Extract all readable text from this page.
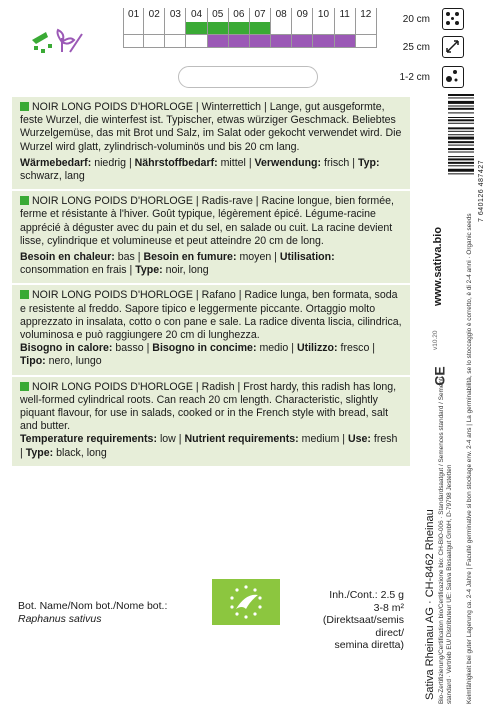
01 02	03	04	05	06	07	08	09	10	11	12	20 cm
25 cm
1-2 cm

NOIR LONG POIDS D'HORLOGE | Winterrettich | Lange, gut ausgeformte, feste Wurzel, die winterfest ist. Typischer, etwas würziger Geschmack. Beliebtes Wurzelgemüse, das mit Brot und Salz, im Salat oder gekocht verwendet wird. Die Wurzel wird glatt, zylindrisch-voluminös und bis 20 cm lang.

Wärmebedarf: niedrig | Nährstoffbedarf: mittel | Verwendung: frisch | Typ: schwarz, lang

NOIR LONG POIDS D'HORLOGE | Radis-rave | Racine longue, bien formée, ferme et résistante à l'hiver. Goût typique, légèrement épicé. Légume-racine apprécié à déguster avec du pain et du sel, en salade ou cuit. La racine devient lisse, cylindrique et volumineuse et peut atteindre 20 cm de long.

Besoin en chaleur: bas | Besoin en fumure: moyen | Utilisation: consommation en frais | Type: noir, long

NOIR LONG POIDS D'HORLOGE | Rafano | Radice lunga, ben formata, soda e resistente al freddo. Sapore tipico e leggermente piccante. Ortaggio molto apprezzato in insalata, cotto o con pane e sale. La radice diventa liscia, cilindrica, voluminosa e può raggiungere 20 cm di lunghezza.

Bisogno in calore: basso | Bisogno in concime: medio | Utilizzo: fresco | Tipo: nero, lungo

NOIR LONG POIDS D'HORLOGE | Radish | Frost hardy, this radish has long, well-formed cylindrical roots. Can reach 20 cm length. Characteristic, slightly piquant flavour, for use in salads, cooked or in the French style with bread, salt and butter.

Temperature requirements: low | Nutrient requirements: medium | Use: fresh | Type: black, long

Bot. Name/Nom bot./Nome bot.:
Raphanus sativus
Inh./Cont.: 2.5 g
3-8 m² (Direktsaat/semis direct/
semina diretta) Sativa Rheinau AG · CH-8462 Rheinau Bio-Zertifizierung/Certification bio/Certificazione bio: CH-BIO-006 · Standardsaatgut / Semences standard / Sementi standard · Vertrieb EU/ Distributeur UE: Sativa Biosaatgut GmbH, D-79798 Jestetten Keimfähigkeit bei guter Lagerung ca. 2-4 Jahre | Faculté germinative si bon stockage env. 2-4 ans | La germinabilità, se lo stoccaggio è corretto, è di 2-4 anni · Organic seeds
www.sativa.bio
v10.20
7 640126 487427
CE
